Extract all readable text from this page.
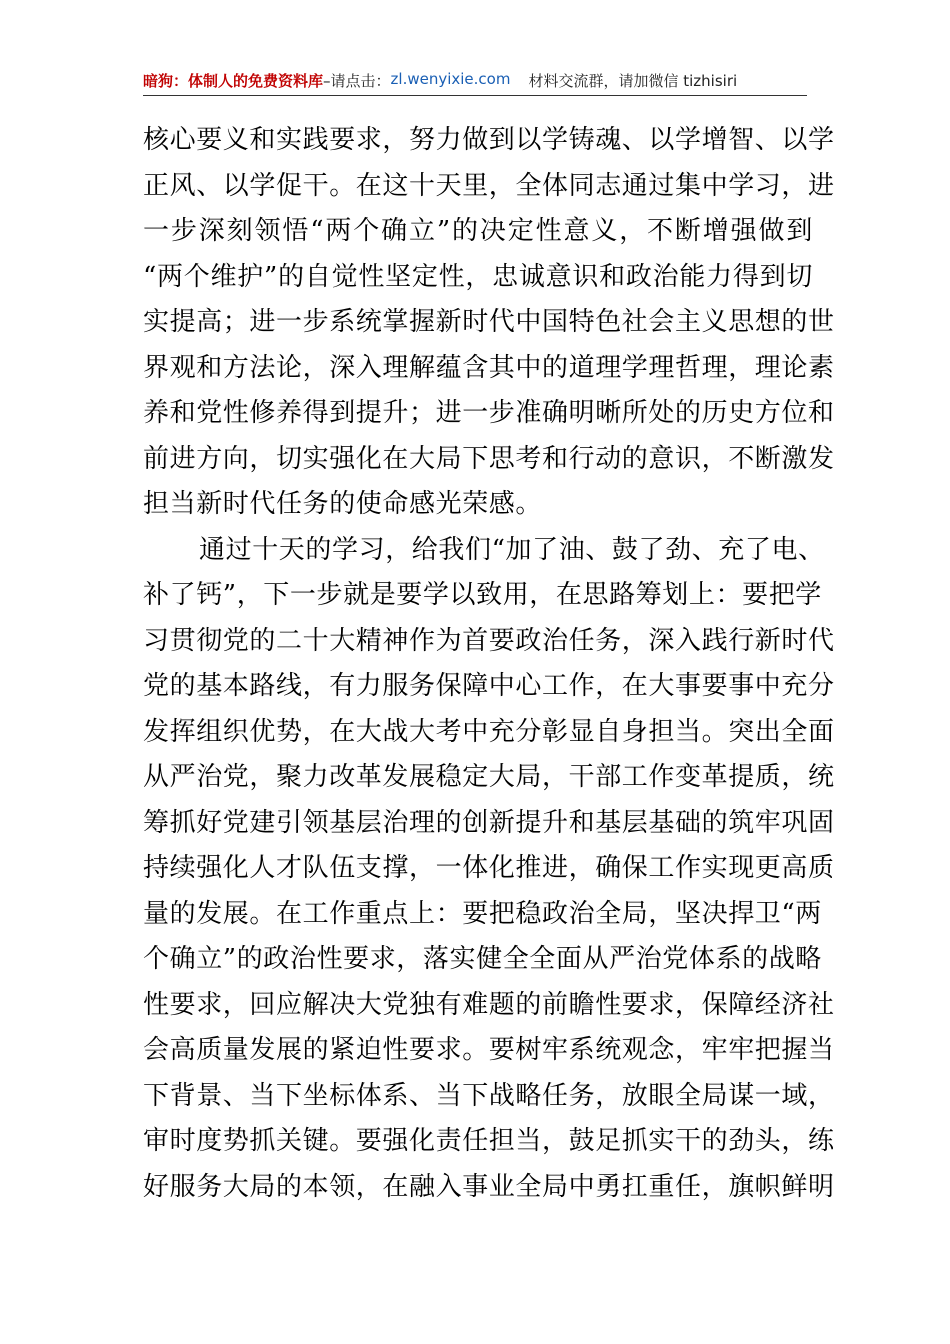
暗狗：体制人的免费资料库 –请点击： zl.wenyixie.com 材料交流群，请加微信 tizhisiri
核心要义和实践要求，努力做到以学铸魂、以学增智、以学
正风、以学促干。在这十天里，全体同志通过集中学习，进
一步深刻领悟“两个确立”的决定性意义，不断增强做到
“两个维护”的自觉性坚定性，忠诚意识和政治能力得到切
实提高；进一步系统掌握新时代中国特色社会主义思想的世
界观和方法论，深入理解蕴含其中的道理学理哲理，理论素
养和党性修养得到提升；进一步准确明晰所处的历史方位和
前进方向，切实强化在大局下思考和行动的意识，不断激发
担当新时代任务的使命感光荣感。
通过十天的学习，给我们“加了油、鼓了劲、充了电、
补了钙”，下一步就是要学以致用，在思路筹划上：要把学
习贯彻党的二十大精神作为首要政治任务，深入践行新时代
党的基本路线，有力服务保障中心工作，在大事要事中充分
发挥组织优势，在大战大考中充分彰显自身担当。突出全面
从严治党，聚力改革发展稳定大局，干部工作变革提质，统
筹抓好党建引领基层治理的创新提升和基层基础的筑牢巩固
持续强化人才队伍支撑，一体化推进，确保工作实现更高质
量的发展。在工作重点上：要把稳政治全局，坚决捍卫“两
个确立”的政治性要求，落实健全全面从严治党体系的战略
性要求，回应解决大党独有难题的前瞻性要求，保障经济社
会高质量发展的紧迫性要求。要树牢系统观念，牢牢把握当
下背景、当下坐标体系、当下战略任务，放眼全局谋一域，
审时度势抓关键。要强化责任担当，鼓足抓实干的劲头，练
好服务大局的本领，在融入事业全局中勇扛重任，旗帜鲜明
